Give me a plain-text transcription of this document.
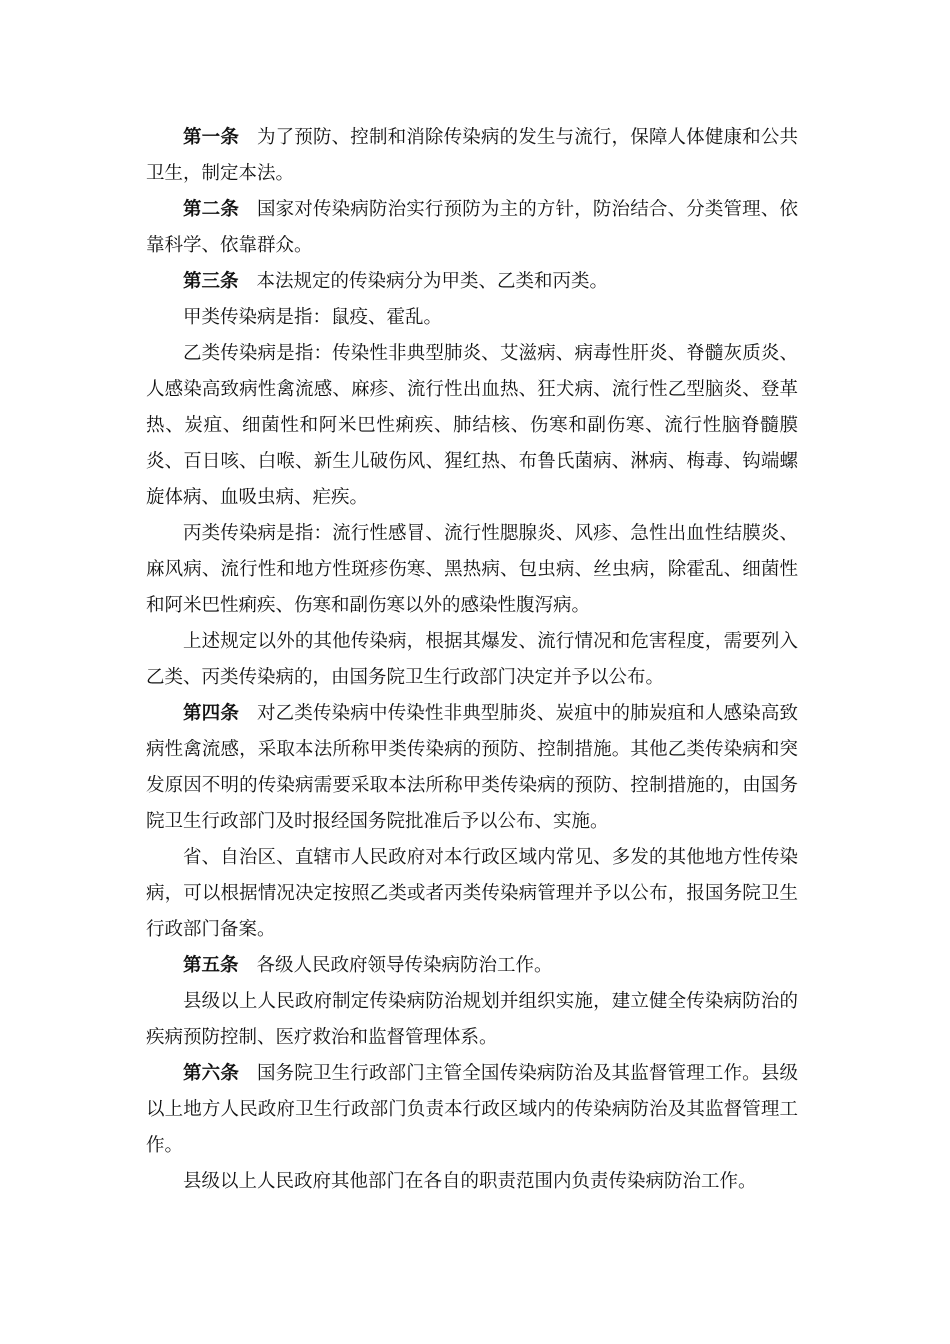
第一条 为了预防、控制和消除传染病的发生与流行，保障人体健康和公共卫生，制定本法。

第二条 国家对传染病防治实行预防为主的方针，防治结合、分类管理、依靠科学、依靠群众。

第三条 本法规定的传染病分为甲类、乙类和丙类。

甲类传染病是指：鼠疫、霍乱。

乙类传染病是指：传染性非典型肺炎、艾滋病、病毒性肝炎、脊髓灰质炎、人感染高致病性禽流感、麻疹、流行性出血热、狂犬病、流行性乙型脑炎、登革热、炭疽、细菌性和阿米巴性痢疾、肺结核、伤寒和副伤寒、流行性脑脊髓膜炎、百日咳、白喉、新生儿破伤风、猩红热、布鲁氏菌病、淋病、梅毒、钩端螺旋体病、血吸虫病、疟疾。

丙类传染病是指：流行性感冒、流行性腮腺炎、风疹、急性出血性结膜炎、麻风病、流行性和地方性斑疹伤寒、黑热病、包虫病、丝虫病，除霍乱、细菌性和阿米巴性痢疾、伤寒和副伤寒以外的感染性腹泻病。

上述规定以外的其他传染病，根据其爆发、流行情况和危害程度，需要列入乙类、丙类传染病的，由国务院卫生行政部门决定并予以公布。

第四条 对乙类传染病中传染性非典型肺炎、炭疽中的肺炭疽和人感染高致病性禽流感，采取本法所称甲类传染病的预防、控制措施。其他乙类传染病和突发原因不明的传染病需要采取本法所称甲类传染病的预防、控制措施的，由国务院卫生行政部门及时报经国务院批准后予以公布、实施。

省、自治区、直辖市人民政府对本行政区域内常见、多发的其他地方性传染病，可以根据情况决定按照乙类或者丙类传染病管理并予以公布，报国务院卫生行政部门备案。

第五条 各级人民政府领导传染病防治工作。

县级以上人民政府制定传染病防治规划并组织实施，建立健全传染病防治的疾病预防控制、医疗救治和监督管理体系。

第六条 国务院卫生行政部门主管全国传染病防治及其监督管理工作。县级以上地方人民政府卫生行政部门负责本行政区域内的传染病防治及其监督管理工作。

县级以上人民政府其他部门在各自的职责范围内负责传染病防治工作。
